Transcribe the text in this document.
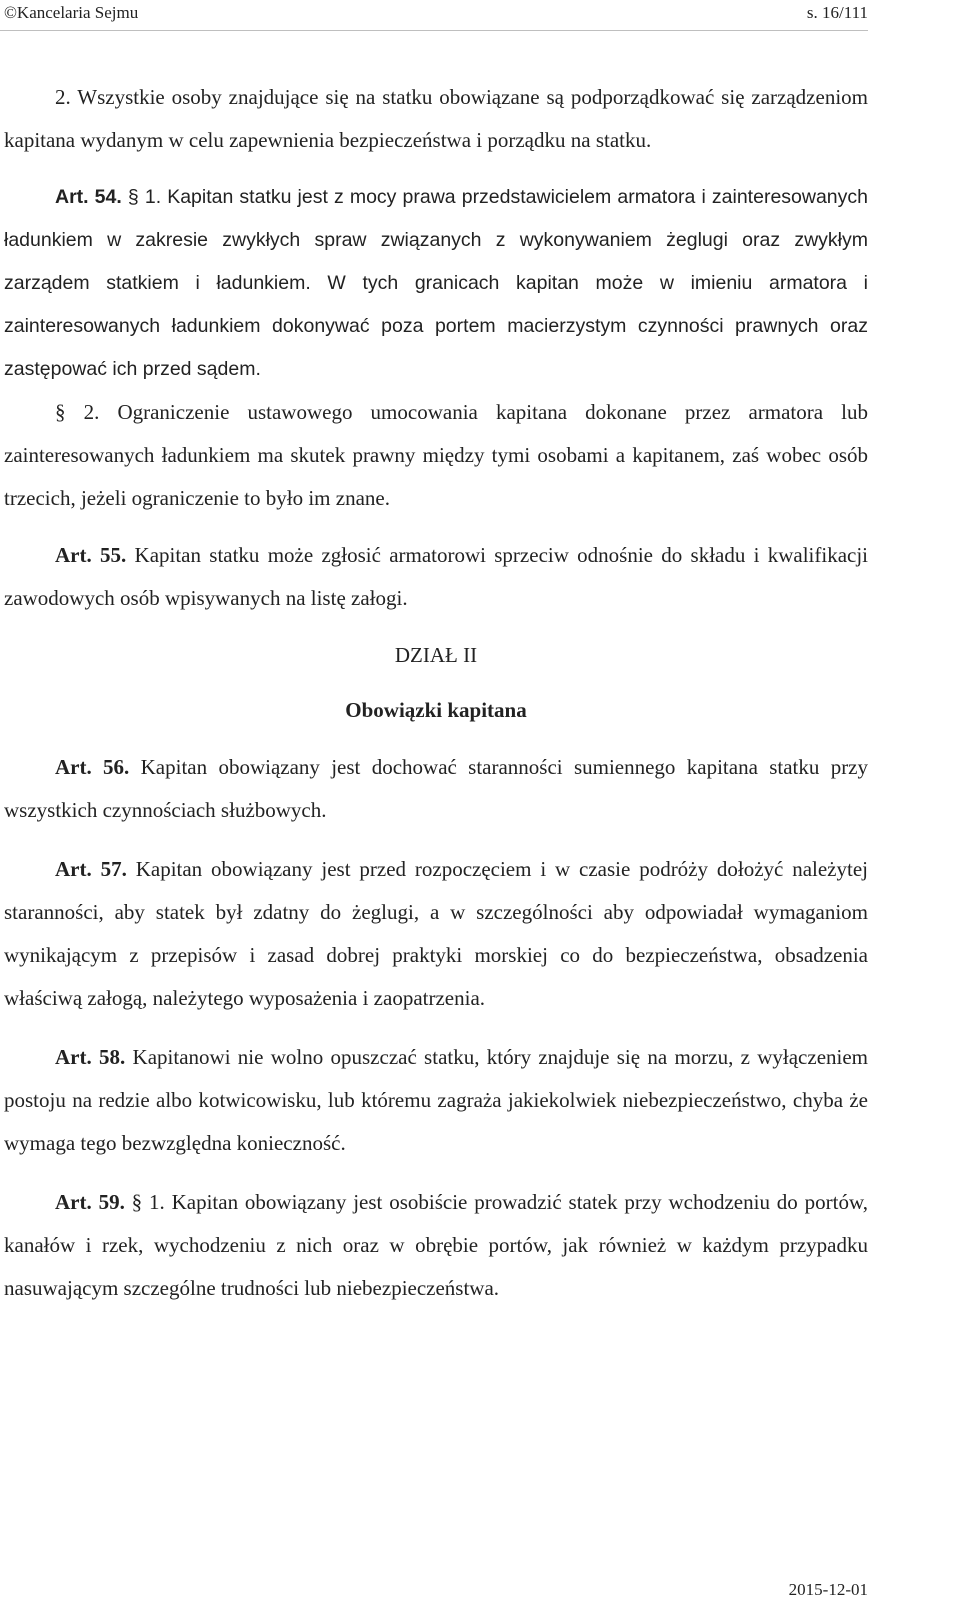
©Kancelaria Sejmu	s. 16/111

2. Wszystkie osoby znajdujące się na statku obowiązane są podporządkować się zarządzeniom kapitana wydanym w celu zapewnienia bezpieczeństwa i porządku na statku.

Art. 54. § 1. Kapitan statku jest z mocy prawa przedstawicielem armatora i zainteresowanych ładunkiem w zakresie zwykłych spraw związanych z wykonywaniem żeglugi oraz zwykłym zarządem statkiem i ładunkiem. W tych granicach kapitan może w imieniu armatora i zainteresowanych ładunkiem dokonywać poza portem macierzystym czynności prawnych oraz zastępować ich przed sądem.

§ 2. Ograniczenie ustawowego umocowania kapitana dokonane przez armatora lub zainteresowanych ładunkiem ma skutek prawny między tymi osobami a kapitanem, zaś wobec osób trzecich, jeżeli ograniczenie to było im znane.

Art. 55. Kapitan statku może zgłosić armatorowi sprzeciw odnośnie do składu i kwalifikacji zawodowych osób wpisywanych na listę załogi.

DZIAŁ II

Obowiązki kapitana

Art. 56. Kapitan obowiązany jest dochować staranności sumiennego kapitana statku przy wszystkich czynnościach służbowych.

Art. 57. Kapitan obowiązany jest przed rozpoczęciem i w czasie podróży dołożyć należytej staranności, aby statek był zdatny do żeglugi, a w szczególności aby odpowiadał wymaganiom wynikającym z przepisów i zasad dobrej praktyki morskiej co do bezpieczeństwa, obsadzenia właściwą załogą, należytego wyposażenia i zaopatrzenia.

Art. 58. Kapitanowi nie wolno opuszczać statku, który znajduje się na morzu, z wyłączeniem postoju na redzie albo kotwicowisku, lub któremu zagraża jakiekolwiek niebezpieczeństwo, chyba że wymaga tego bezwzględna konieczność.

Art. 59. § 1. Kapitan obowiązany jest osobiście prowadzić statek przy wchodzeniu do portów, kanałów i rzek, wychodzeniu z nich oraz w obrębie portów, jak również w każdym przypadku nasuwającym szczególne trudności lub niebezpieczeństwa.

2015-12-01
